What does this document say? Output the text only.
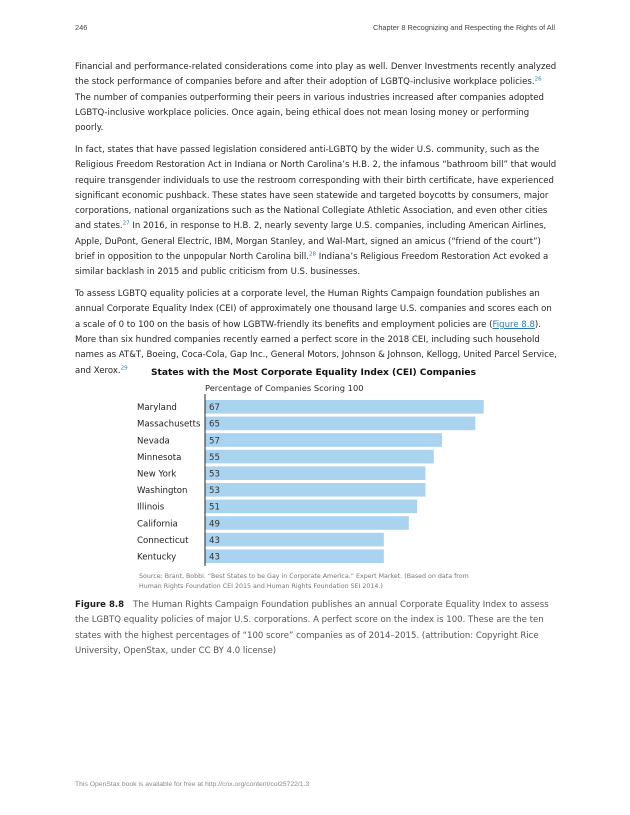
246	Chapter 8 Recognizing and Respecting the Rights of All

Financial and performance-related considerations come into play as well. Denver Investments recently analyzed the stock performance of companies before and after their adoption of LGBTQ-inclusive workplace policies.$^{26}$ The number of companies outperforming their peers in various industries increased after companies adopted LGBTQ-inclusive workplace policies. Once again, being ethical does not mean losing money or performing poorly.

In fact, states that have passed legislation considered anti-LGBTQ by the wider U.S. community, such as the Religious Freedom Restoration Act in Indiana or North Carolina’s H.B. 2, the infamous “bathroom bill” that would require transgender individuals to use the restroom corresponding with their birth certificate, have experienced significant economic pushback. These states have seen statewide and targeted boycotts by consumers, major corporations, national organizations such as the National Collegiate Athletic Association, and even other cities and states.$^{27}$ In 2016, in response to H.B. 2, nearly seventy large U.S. companies, including American Airlines, Apple, DuPont, General Electric, IBM, Morgan Stanley, and Wal-Mart, signed an amicus (“friend of the court”) brief in opposition to the unpopular North Carolina bill.$^{28}$ Indiana’s Religious Freedom Restoration Act evoked a similar backlash in 2015 and public criticism from U.S. businesses.

To assess LGBTQ equality policies at a corporate level, the Human Rights Campaign foundation publishes an annual Corporate Equality Index (CEI) of approximately one thousand large U.S. companies and scores each on a scale of 0 to 100 on the basis of how LGBTW-friendly its benefits and employment policies are (Figure 8.8). More than six hundred companies recently earned a perfect score in the 2018 CEI, including such household names as AT&T, Boeing, Coca-Cola, Gap Inc., General Motors, Johnson & Johnson, Kellogg, United Parcel Service, and Xerox.$^{29}$	States with the Most Corporate Equality Index (CEI) Companies
Percentage of Companies Scoring 100
Maryland	67
Massachusetts 65
Nevada	57
Minnesota	55
New York	53
Washington 53
Illinois	51
California	49
Connecticut 43
Kentucky	43
Source: Brant, Bobbi. “Best States to be Gay in Corporate America.” Expert Market. (Based on data from
Human Rights Foundation CEI 2015 and Human Rights Foundation SEI 2014.)
Figure 8.8 The Human Rights Campaign Foundation publishes an annual Corporate Equality Index to assess the LGBTQ equality policies of major U.S. corporations. A perfect score on the index is 100. These are the ten states with the highest percentages of “100 score” companies as of 2014–2015. (attribution: Copyright Rice University, OpenStax, under CC BY 4.0 license)
This OpenStax book is available for free at http://cnx.org/content/col25722/1.3
